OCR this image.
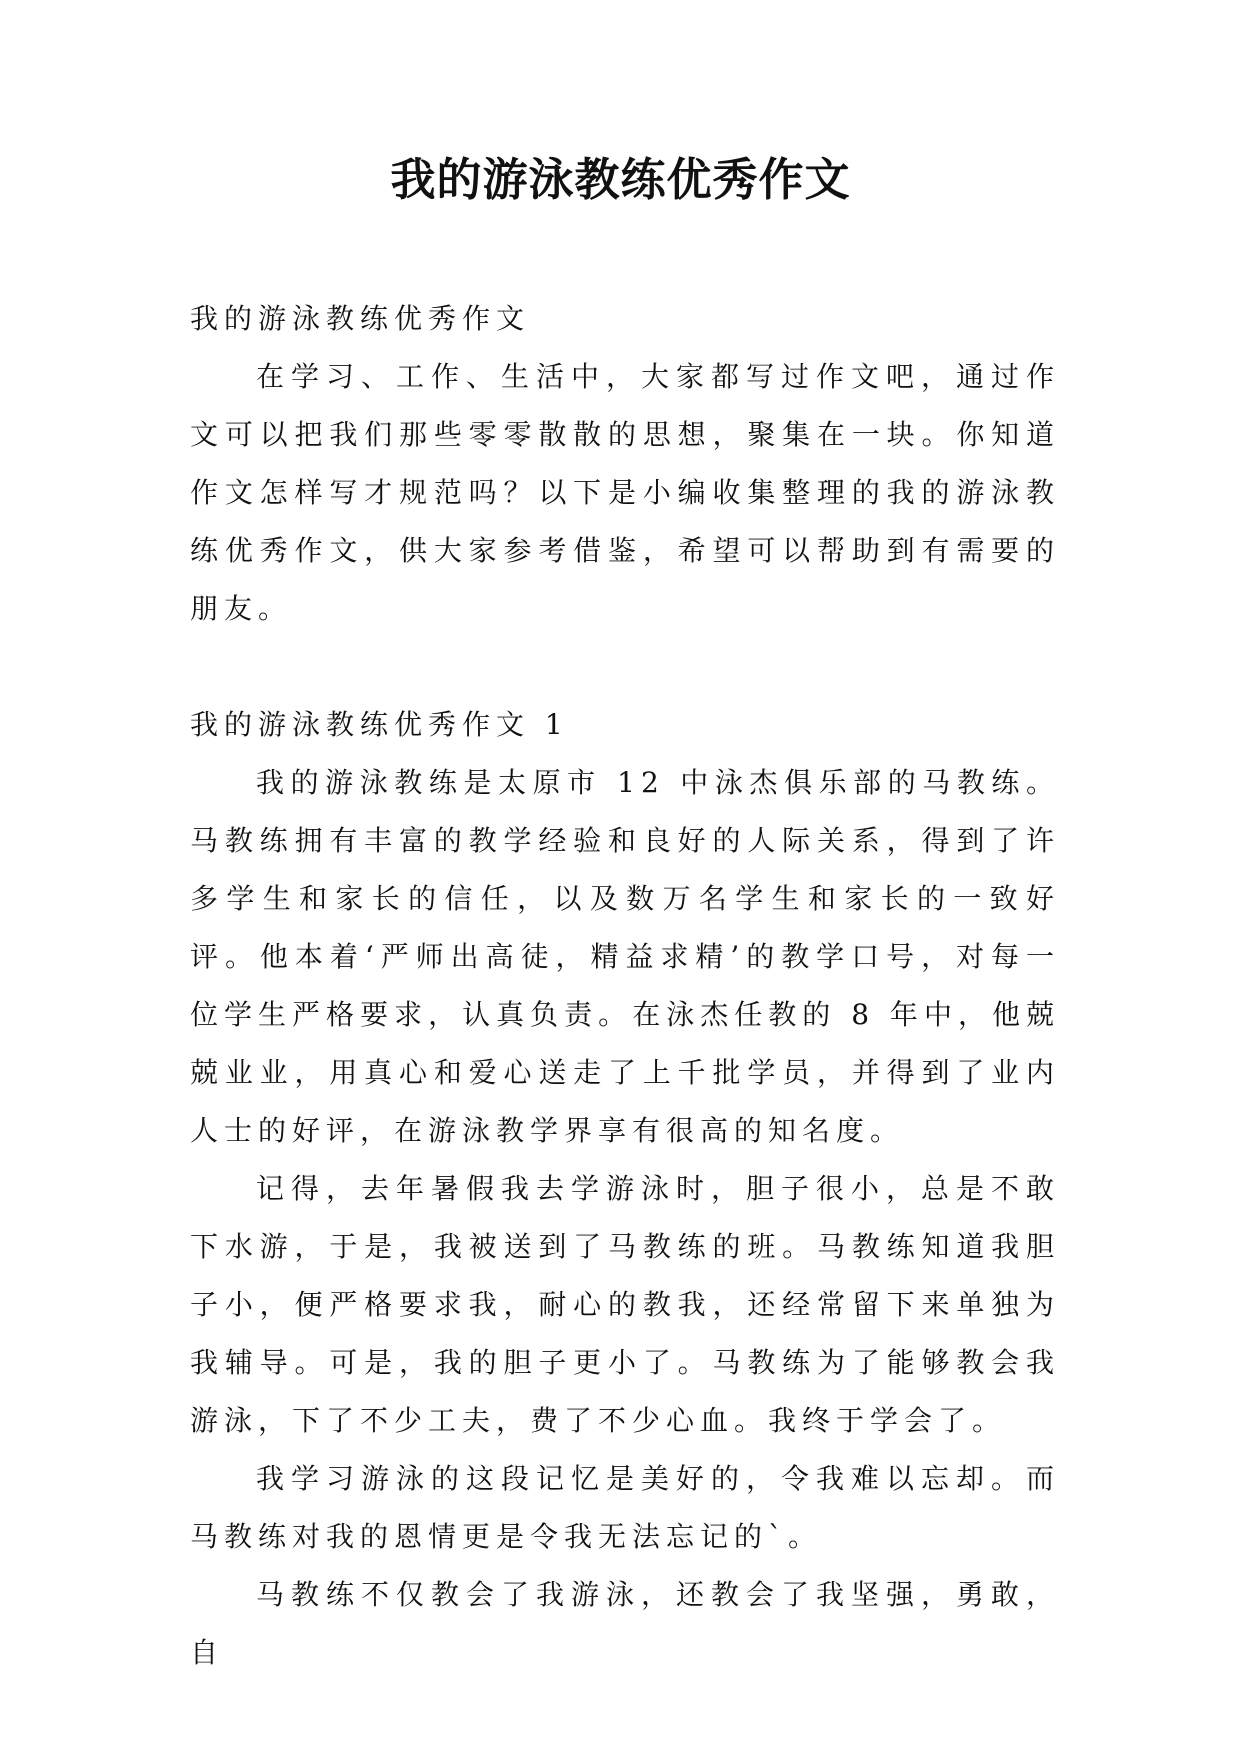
我的游泳教练优秀作文
我的游泳教练优秀作文

在学习、工作、生活中，大家都写过作文吧，通过作文可以把我们那些零零散散的思想，聚集在一块。你知道作文怎样写才规范吗？以下是小编收集整理的我的游泳教练优秀作文，供大家参考借鉴，希望可以帮助到有需要的朋友。

我的游泳教练优秀作文 1

我的游泳教练是太原市 12 中泳杰俱乐部的马教练。马教练拥有丰富的教学经验和良好的人际关系，得到了许多学生和家长的信任，以及数万名学生和家长的一致好评。他本着‘严师出高徒，精益求精’的教学口号，对每一位学生严格要求，认真负责。在泳杰任教的 8 年中，他兢兢业业，用真心和爱心送走了上千批学员，并得到了业内人士的好评，在游泳教学界享有很高的知名度。

记得，去年暑假我去学游泳时，胆子很小，总是不敢下水游，于是，我被送到了马教练的班。马教练知道我胆子小，便严格要求我，耐心的教我，还经常留下来单独为我辅导。可是，我的胆子更小了。马教练为了能够教会我游泳，下了不少工夫，费了不少心血。我终于学会了。

我学习游泳的这段记忆是美好的，令我难以忘却。而马教练对我的恩情更是令我无法忘记的`。

马教练不仅教会了我游泳，还教会了我坚强，勇敢，自
